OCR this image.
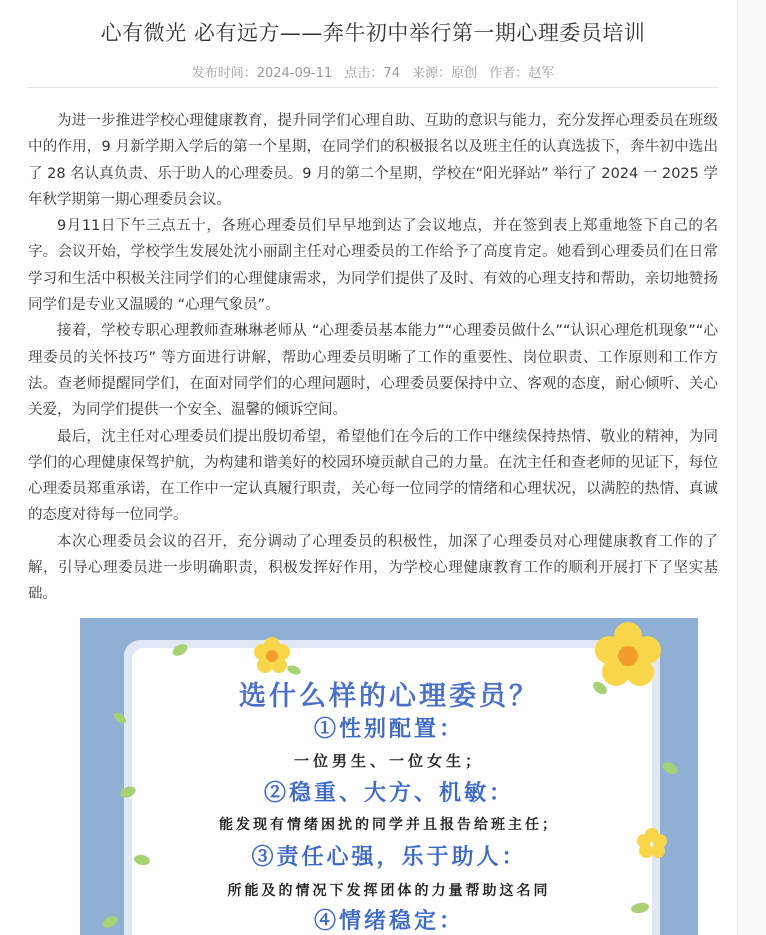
心有微光 必有远方——奔牛初中举行第一期心理委员培训
发布时间：2024-09-11 点击：74 来源：原创 作者：赵军

为进一步推进学校心理健康教育，提升同学们心理自助、互助的意识与能力，充分发挥心理委员在班级中的作用，9 月新学期入学后的第一个星期，在同学们的积极报名以及班主任的认真选拔下，奔牛初中选出了 28 名认真负责、乐于助人的心理委员。9 月的第二个星期，学校在“阳光驿站” 举行了 2024 一 2025 学年秋学期第一期心理委员会议。

9月11日下午三点五十，各班心理委员们早早地到达了会议地点，并在签到表上郑重地签下自己的名字。会议开始，学校学生发展处沈小丽副主任对心理委员的工作给予了高度肯定。她看到心理委员们在日常学习和生活中积极关注同学们的心理健康需求，为同学们提供了及时、有效的心理支持和帮助，亲切地赞扬同学们是专业又温暖的 “心理气象员”。

接着，学校专职心理教师查琳琳老师从 “心理委员基本能力”“心理委员做什么”“认识心理危机现象”“心理委员的关怀技巧” 等方面进行讲解，帮助心理委员明晰了工作的重要性、岗位职责、工作原则和工作方法。查老师提醒同学们，在面对同学们的心理问题时，心理委员要保持中立、客观的态度，耐心倾听、关心关爱，为同学们提供一个安全、温馨的倾诉空间。

最后，沈主任对心理委员们提出殷切希望，希望他们在今后的工作中继续保持热情、敬业的精神，为同学们的心理健康保驾护航，为构建和谐美好的校园环境贡献自己的力量。在沈主任和查老师的见证下，每位心理委员郑重承诺，在工作中一定认真履行职责，关心每一位同学的情绪和心理状况，以满腔的热情、真诚的态度对待每一位同学。

本次心理委员会议的召开，充分调动了心理委员的积极性，加深了心理委员对心理健康教育工作的了解，引导心理委员进一步明确职责，积极发挥好作用，为学校心理健康教育工作的顺利开展打下了坚实基础。

选什么样的心理委员？
①性别配置：
一位男生、一位女生；
②稳重、大方、机敏：
能发现有情绪困扰的同学并且报告给班主任；
③责任心强，乐于助人：
所能及的情况下发挥团体的力量帮助这名同
④情绪稳定：
